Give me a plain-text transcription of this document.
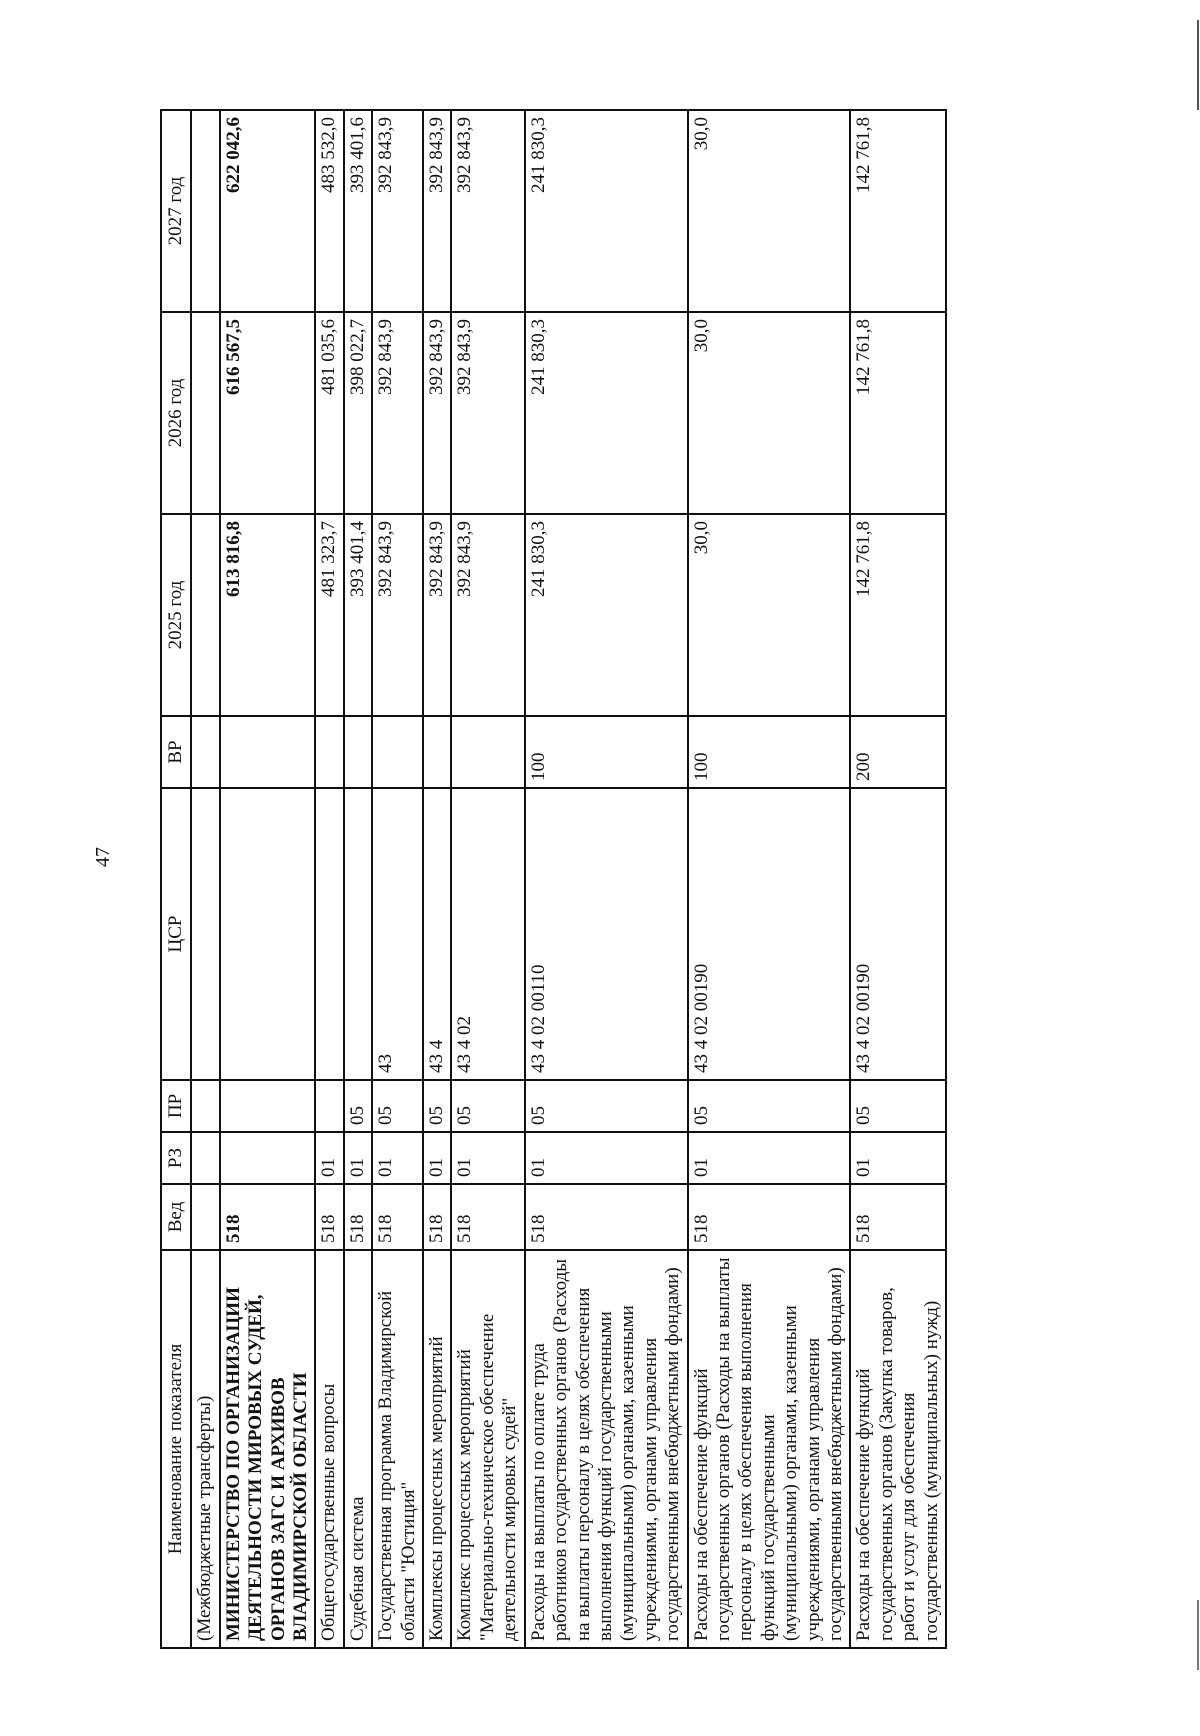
47
Наименование показателя	Вед	РЗ	ПР	ЦСР	ВР	2025 год	2026 год	2027 год
(Межбюджетные трансферты)								
МИНИСТЕРСТВО ПО ОРГАНИЗАЦИИ ДЕЯТЕЛЬНОСТИ МИРОВЫХ СУДЕЙ, ОРГАНОВ ЗАГС И АРХИВОВ ВЛАДИМИРСКОЙ ОБЛАСТИ	518					613 816,8	616 567,5	622 042,6
Общегосударственные вопросы	518	01				481 323,7	481 035,6	483 532,0
Судебная система	518	01	05			393 401,4	398 022,7	393 401,6
Государственная программа Владимирской области "Юстиция"	518	01	05	43		392 843,9	392 843,9	392 843,9
Комплексы процессных мероприятий	518	01	05	43 4		392 843,9	392 843,9	392 843,9
Комплекс процессных мероприятий "Материально-техническое обеспечение деятельности мировых судей"	518	01	05	43 4 02		392 843,9	392 843,9	392 843,9
Расходы на выплаты по оплате труда работников государственных органов (Расходы на выплаты персоналу в целях обеспечения выполнения функций государственными (муниципальными) органами, казенными учреждениями, органами управления государственными внебюджетными фондами)	518	01	05	43 4 02 00110	100	241 830,3	241 830,3	241 830,3
Расходы на обеспечение функций государственных органов (Расходы на выплаты персоналу в целях обеспечения выполнения функций государственными (муниципальными) органами, казенными учреждениями, органами управления государственными внебюджетными фондами)	518	01	05	43 4 02 00190	100	30,0	30,0	30,0
Расходы на обеспечение функций государственных органов (Закупка товаров, работ и услуг для обеспечения государственных (муниципальных) нужд)	518	01	05	43 4 02 00190	200	142 761,8	142 761,8	142 761,8
